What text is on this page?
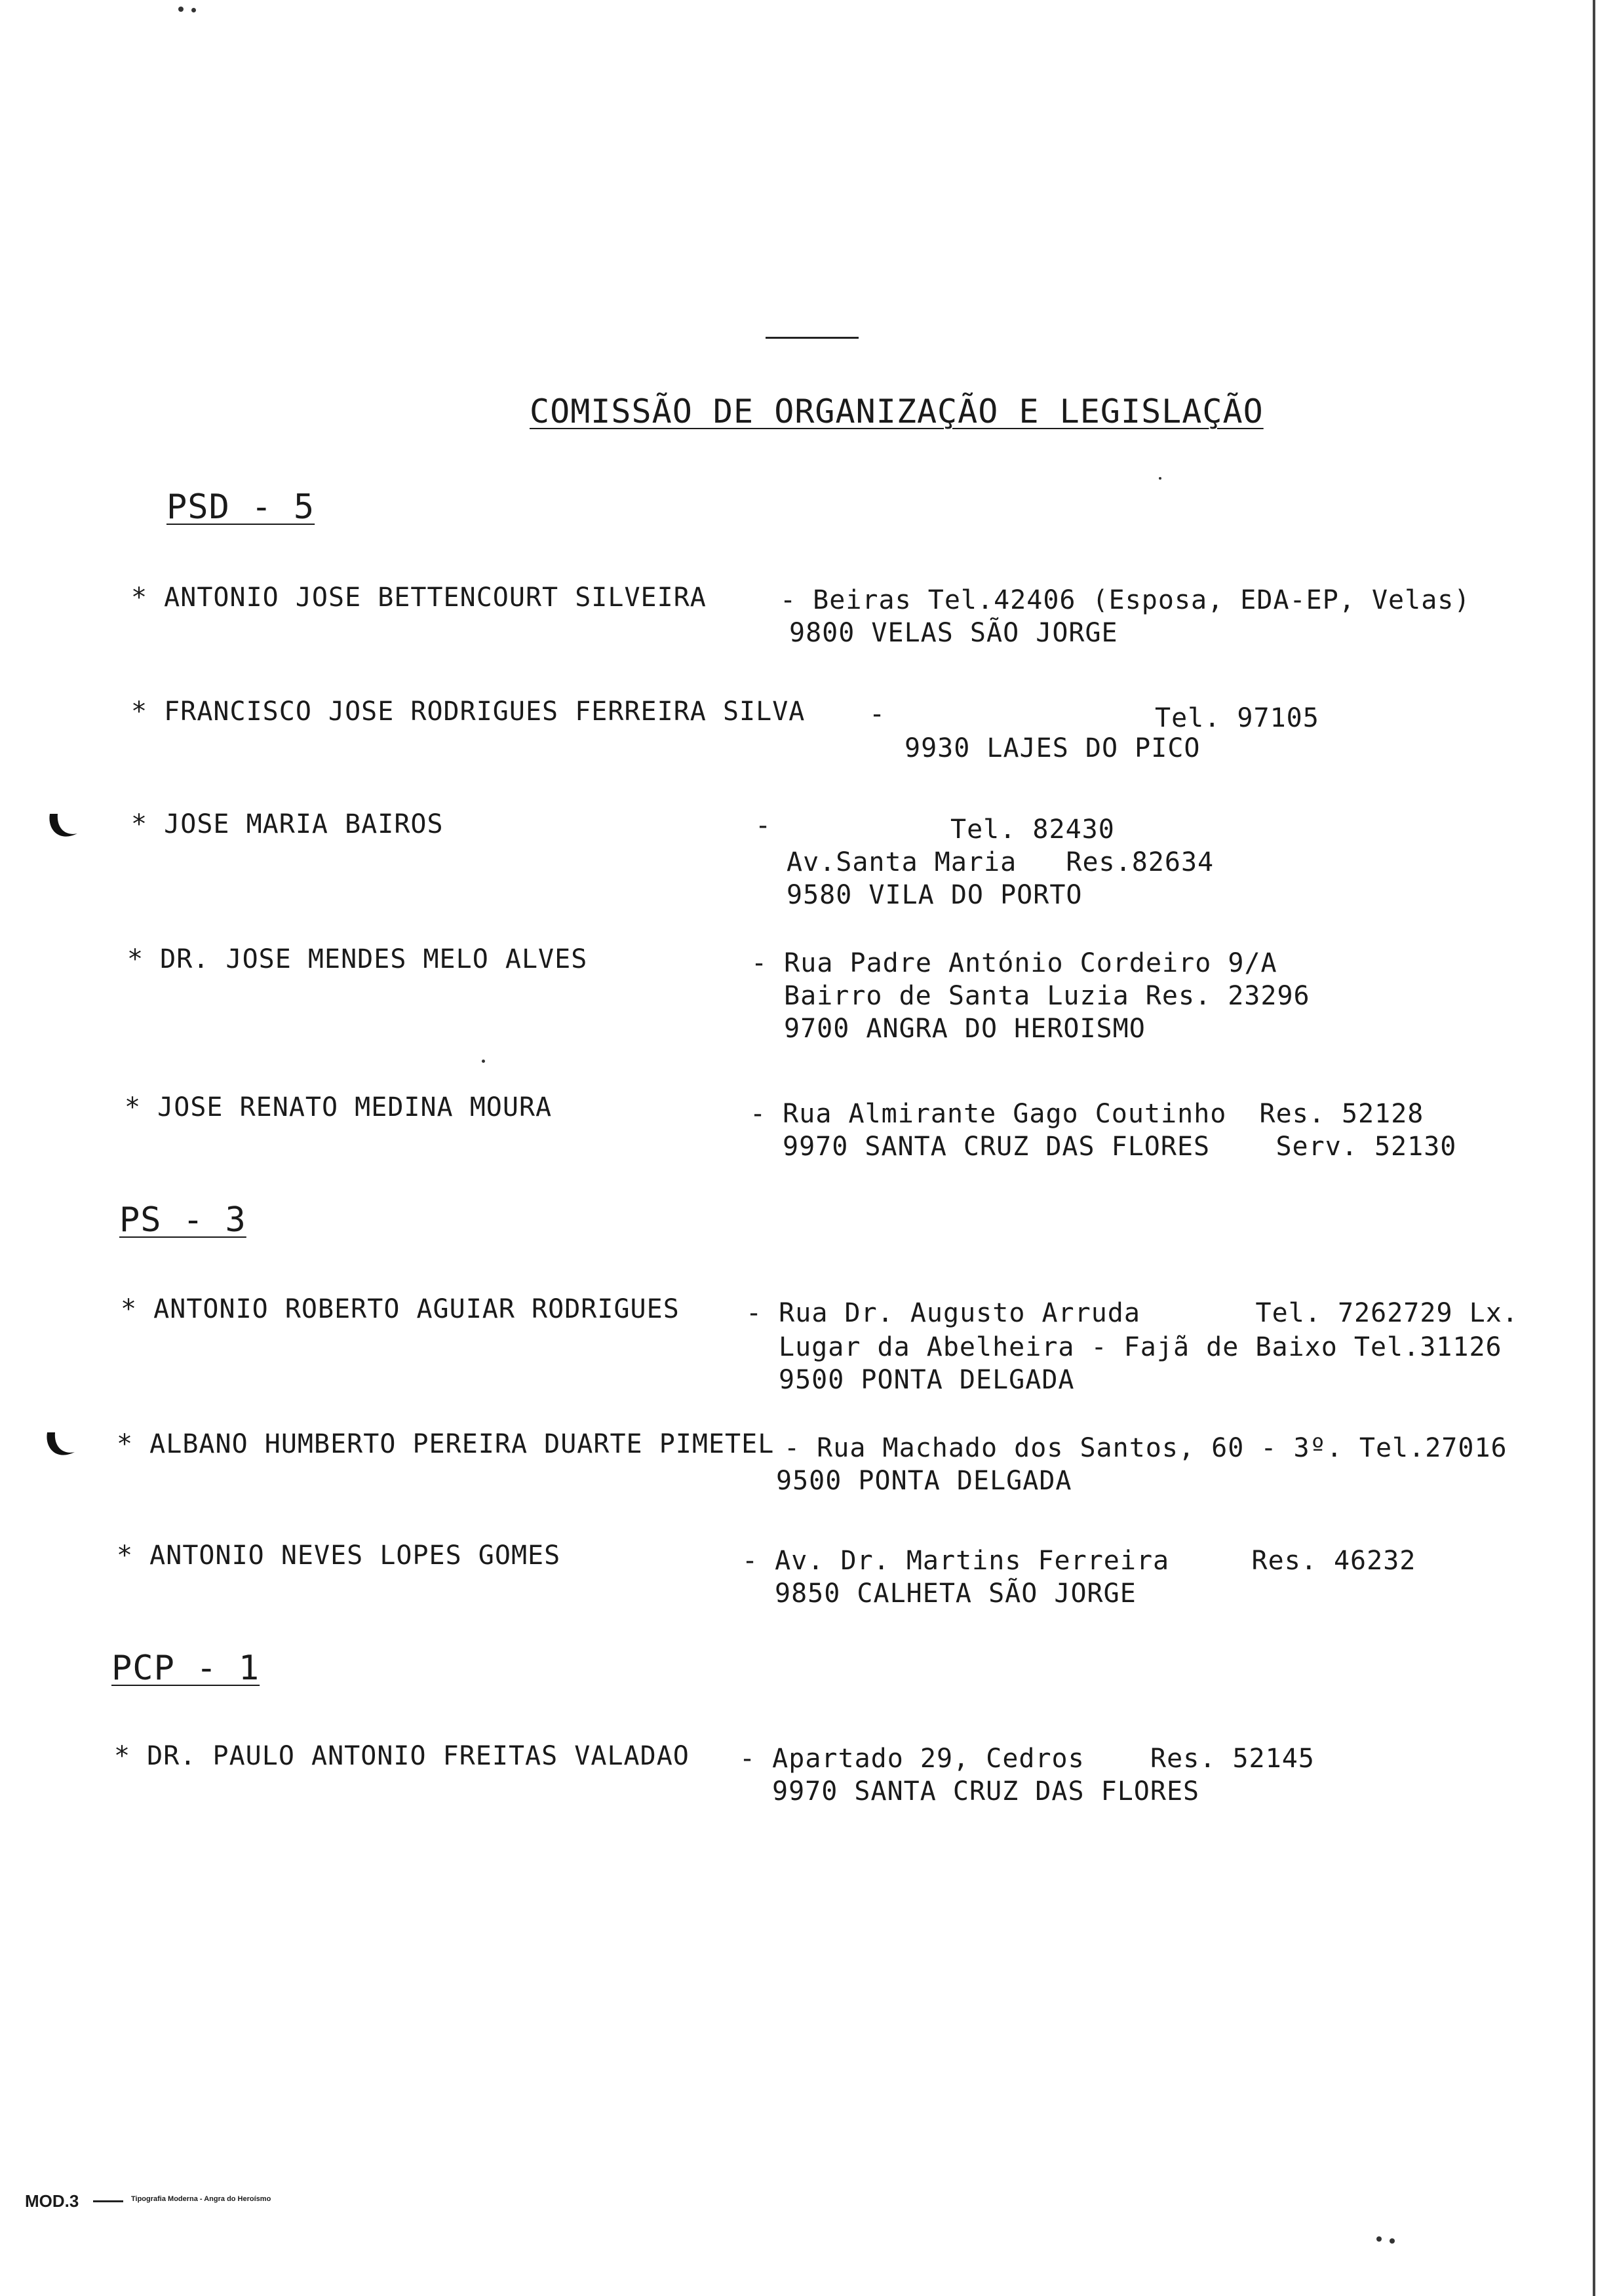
COMISSÃO DE ORGANIZAÇÃO E LEGISLAÇÃO
PSD - 5
* ANTONIO JOSE BETTENCOURT SILVEIRA	- Beiras Tel.42406 (Esposa, EDA-EP, Velas)
9800 VELAS SÃO JORGE
* FRANCISCO JOSE RODRIGUES FERREIRA SILVA -	Tel. 97105
9930 LAJES DO PICO
* JOSE MARIA BAIROS	-	Tel. 82430
Av.Santa Maria   Res.82634
9580 VILA DO PORTO
* DR. JOSE MENDES MELO ALVES	- Rua Padre António Cordeiro 9/A
Bairro de Santa Luzia Res. 23296
9700 ANGRA DO HEROISMO
* JOSE RENATO MEDINA MOURA	- Rua Almirante Gago Coutinho  Res. 52128
9970 SANTA CRUZ DAS FLORES    Serv. 52130
PS - 3
* ANTONIO ROBERTO AGUIAR RODRIGUES	- Rua Dr. Augusto Arruda       Tel. 7262729 Lx.
Lugar da Abelheira - Fajã de Baixo Tel.31126
9500 PONTA DELGADA
* ALBANO HUMBERTO PEREIRA DUARTE PIMETEL - Rua Machado dos Santos, 60 - 3º. Tel.27016
9500 PONTA DELGADA
* ANTONIO NEVES LOPES GOMES	- Av. Dr. Martins Ferreira     Res. 46232
9850 CALHETA SÃO JORGE
PCP - 1
* DR. PAULO ANTONIO FREITAS VALADAO - Apartado 29, Cedros    Res. 52145
9970 SANTA CRUZ DAS FLORES
MOD.3	Tipografia Moderna - Angra do Heroísmo
